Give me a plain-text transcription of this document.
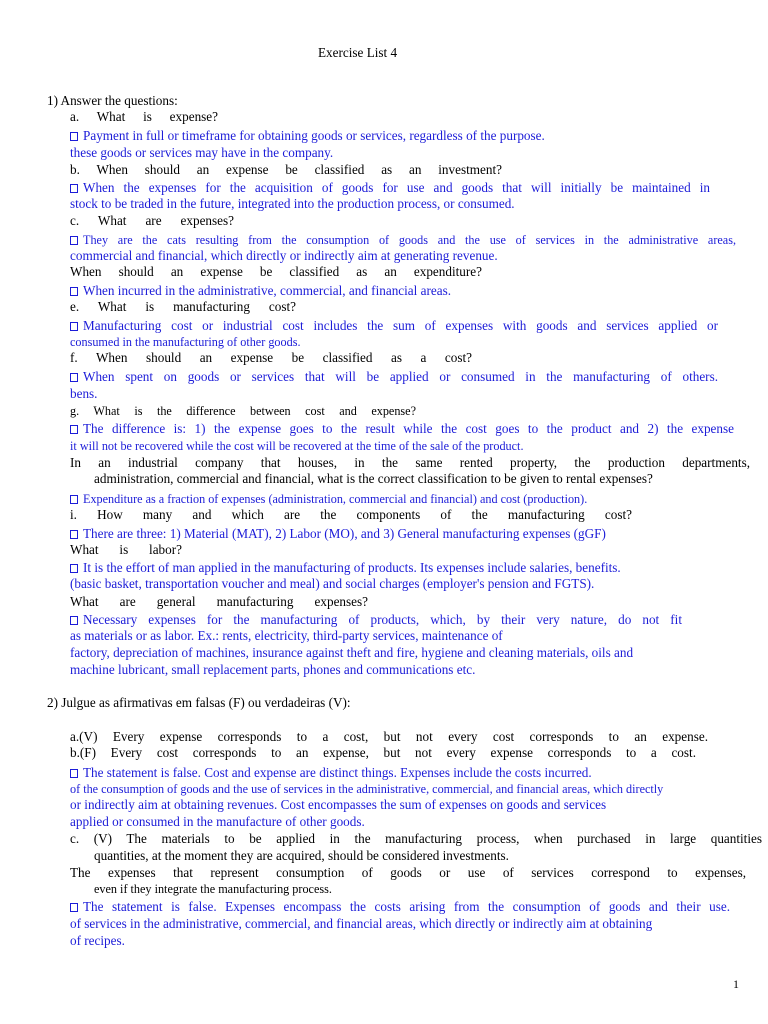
Exercise List 4
1) Answer the questions:
a. What is expense?
Payment in full or timeframe for obtaining goods or services, regardless of the purpose.
these goods or services may have in the company.
b. When should an expense be classified as an investment?
When the expenses for the acquisition of goods for use and goods that will initially be maintained in
stock to be traded in the future, integrated into the production process, or consumed.
c. What are expenses?
They are the cats resulting from the consumption of goods and the use of services in the administrative areas,
commercial and financial, which directly or indirectly aim at generating revenue.
When should an expense be classified as an expenditure?
When incurred in the administrative, commercial, and financial areas.
e. What is manufacturing cost?
Manufacturing cost or industrial cost includes the sum of expenses with goods and services applied or
consumed in the manufacturing of other goods.
f. When should an expense be classified as a cost?
When spent on goods or services that will be applied or consumed in the manufacturing of others.
bens.
g. What is the difference between cost and expense?
The difference is: 1) the expense goes to the result while the cost goes to the product and 2) the expense
it will not be recovered while the cost will be recovered at the time of the sale of the product.
In an industrial company that houses, in the same rented property, the production departments,
administration, commercial and financial, what is the correct classification to be given to rental expenses?
Expenditure as a fraction of expenses (administration, commercial and financial) and cost (production).
i. How many and which are the components of the manufacturing cost?
There are three: 1) Material (MAT), 2) Labor (MO), and 3) General manufacturing expenses (gGF)
What is labor?
It is the effort of man applied in the manufacturing of products. Its expenses include salaries, benefits.
(basic basket, transportation voucher and meal) and social charges (employer's pension and FGTS).
What are general manufacturing expenses?
Necessary expenses for the manufacturing of products, which, by their very nature, do not fit
as materials or as labor. Ex.: rents, electricity, third-party services, maintenance of
factory, depreciation of machines, insurance against theft and fire, hygiene and cleaning materials, oils and
machine lubricant, small replacement parts, phones and communications etc.
2) Julgue as afirmativas em falsas (F) ou verdadeiras (V):
a.(V) Every expense corresponds to a cost, but not every cost corresponds to an expense.
b.(F) Every cost corresponds to an expense, but not every expense corresponds to a cost.
The statement is false. Cost and expense are distinct things. Expenses include the costs incurred.
of the consumption of goods and the use of services in the administrative, commercial, and financial areas, which directly
or indirectly aim at obtaining revenues. Cost encompasses the sum of expenses on goods and services
applied or consumed in the manufacture of other goods.
c. (V) The materials to be applied in the manufacturing process, when purchased in large quantities
quantities, at the moment they are acquired, should be considered investments.
The expenses that represent consumption of goods or use of services correspond to expenses,
even if they integrate the manufacturing process.
The statement is false. Expenses encompass the costs arising from the consumption of goods and their use.
of services in the administrative, commercial, and financial areas, which directly or indirectly aim at obtaining
of recipes.
1
